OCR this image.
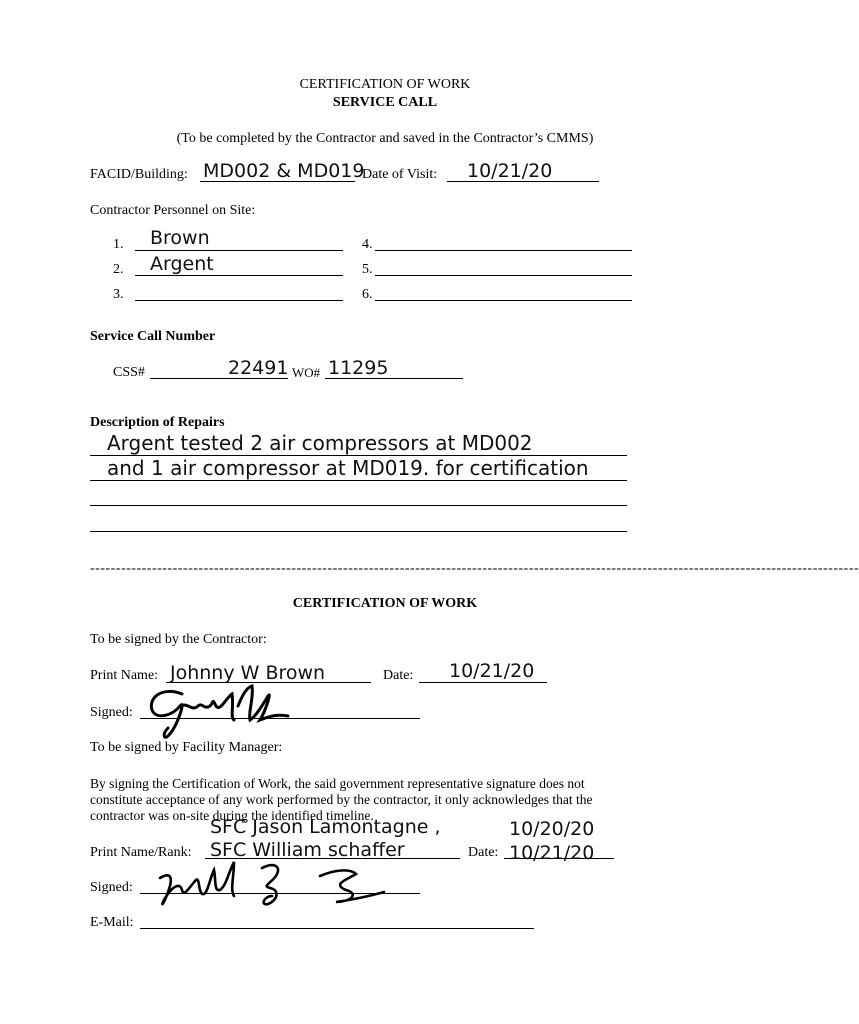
CERTIFICATION OF WORK
SERVICE CALL
(To be completed by the Contractor and saved in the Contractor’s CMMS)
FACID/Building: MD002 & MD019
Date of Visit: 10/21/20
Contractor Personnel on Site:
1. Brown
2. Argent
3.
4.
5.
6.
Service Call Number
CSS#	22491 WO# 11295
Description of Repairs
Argent tested 2 air compressors at MD002
and 1 air compressor at MD019. for certification
-----------------------------------------------------------------------------------------------------------------------------------------------------
CERTIFICATION OF WORK
To be signed by the Contractor:
Print Name: Johnny W Brown	Date: 10/21/20
Signed:
To be signed by Facility Manager:
By signing the Certification of Work, the said government representative signature does not
constitute acceptance of any work performed by the contractor, it only acknowledges that the
contractor was on-site during the identified timeline.
SFC Jason Lamontagne ,	10/20/20
Print Name/Rank: SFC William schaffer	Date: 10/21/20
Signed:
E-Mail:
